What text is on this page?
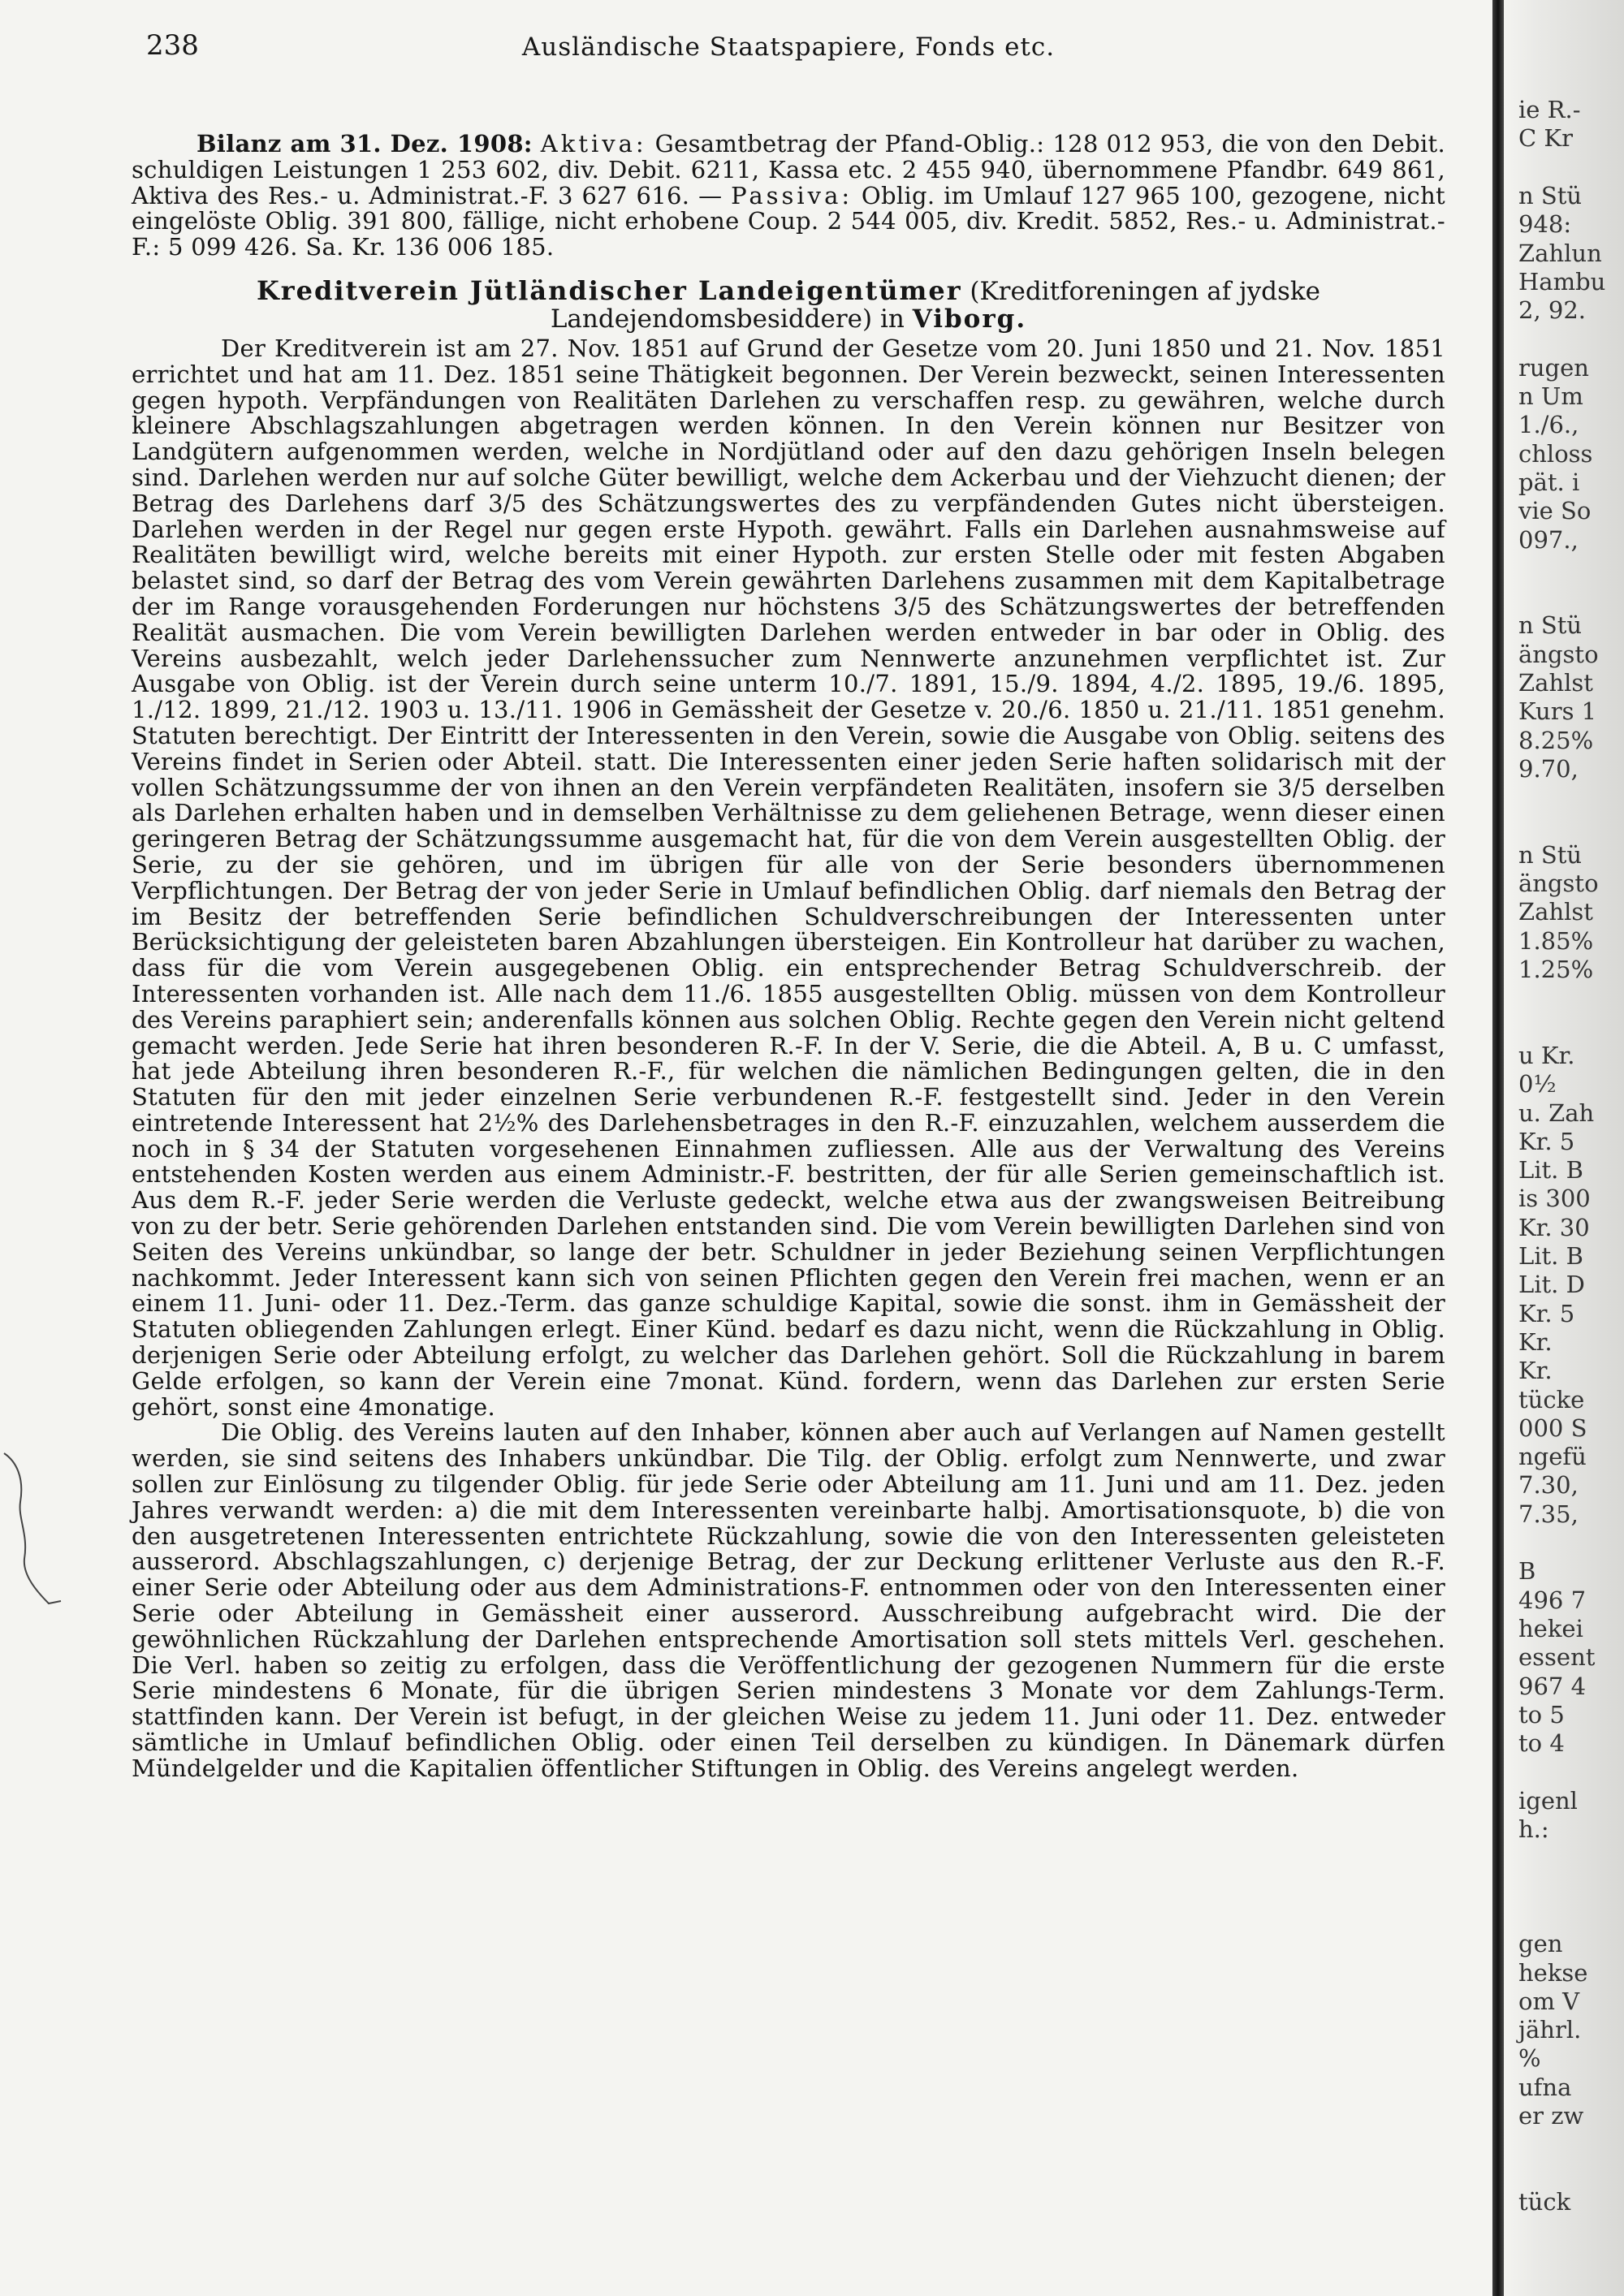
238	Ausländische Staatspapiere, Fonds etc.

Bilanz am 31. Dez. 1908: Aktiva: Gesamtbetrag der Pfand-Oblig.: 128 012 953, die von den Debit. schuldigen Leistungen 1 253 602, div. Debit. 6211, Kassa etc. 2 455 940, übernommene Pfandbr. 649 861, Aktiva des Res.- u. Administrat.-F. 3 627 616. — Passiva: Oblig. im Umlauf 127 965 100, gezogene, nicht eingelöste Oblig. 391 800, fällige, nicht erhobene Coup. 2 544 005, div. Kredit. 5852, Res.- u. Administrat.-F.: 5 099 426. Sa. Kr. 136 006 185.

Kreditverein Jütländischer Landeigentümer (Kreditforeningen af jydske Landejendomsbesiddere) in Viborg.

Der Kreditverein ist am 27. Nov. 1851 auf Grund der Gesetze vom 20. Juni 1850 und 21. Nov. 1851 errichtet und hat am 11. Dez. 1851 seine Thätigkeit begonnen. Der Verein bezweckt, seinen Interessenten gegen hypoth. Verpfändungen von Realitäten Darlehen zu verschaffen resp. zu gewähren, welche durch kleinere Abschlagszahlungen abgetragen werden können. In den Verein können nur Besitzer von Landgütern aufgenommen werden, welche in Nordjütland oder auf den dazu gehörigen Inseln belegen sind. Darlehen werden nur auf solche Güter bewilligt, welche dem Ackerbau und der Viehzucht dienen; der Betrag des Darlehens darf 3/5 des Schätzungswertes des zu verpfändenden Gutes nicht übersteigen. Darlehen werden in der Regel nur gegen erste Hypoth. gewährt. Falls ein Darlehen ausnahmsweise auf Realitäten bewilligt wird, welche bereits mit einer Hypoth. zur ersten Stelle oder mit festen Abgaben belastet sind, so darf der Betrag des vom Verein gewährten Darlehens zusammen mit dem Kapitalbetrage der im Range vorausgehenden Forderungen nur höchstens 3/5 des Schätzungswertes der betreffenden Realität ausmachen. Die vom Verein bewilligten Darlehen werden entweder in bar oder in Oblig. des Vereins ausbezahlt, welch jeder Darlehenssucher zum Nennwerte anzunehmen verpflichtet ist. Zur Ausgabe von Oblig. ist der Verein durch seine unterm 10./7. 1891, 15./9. 1894, 4./2. 1895, 19./6. 1895, 1./12. 1899, 21./12. 1903 u. 13./11. 1906 in Gemässheit der Gesetze v. 20./6. 1850 u. 21./11. 1851 genehm. Statuten berechtigt. Der Eintritt der Interessenten in den Verein, sowie die Ausgabe von Oblig. seitens des Vereins findet in Serien oder Abteil. statt. Die Interessenten einer jeden Serie haften solidarisch mit der vollen Schätzungssumme der von ihnen an den Verein verpfändeten Realitäten, insofern sie 3/5 derselben als Darlehen erhalten haben und in demselben Verhältnisse zu dem geliehenen Betrage, wenn dieser einen geringeren Betrag der Schätzungssumme ausgemacht hat, für die von dem Verein ausgestellten Oblig. der Serie, zu der sie gehören, und im übrigen für alle von der Serie besonders übernommenen Verpflichtungen. Der Betrag der von jeder Serie in Umlauf befindlichen Oblig. darf niemals den Betrag der im Besitz der betreffenden Serie befindlichen Schuldverschreibungen der Interessenten unter Berücksichtigung der geleisteten baren Abzahlungen übersteigen. Ein Kontrolleur hat darüber zu wachen, dass für die vom Verein ausgegebenen Oblig. ein entsprechender Betrag Schuldverschreib. der Interessenten vorhanden ist. Alle nach dem 11./6. 1855 ausgestellten Oblig. müssen von dem Kontrolleur des Vereins paraphiert sein; anderenfalls können aus solchen Oblig. Rechte gegen den Verein nicht geltend gemacht werden. Jede Serie hat ihren besonderen R.-F. In der V. Serie, die die Abteil. A, B u. C umfasst, hat jede Abteilung ihren besonderen R.-F., für welchen die nämlichen Bedingungen gelten, die in den Statuten für den mit jeder einzelnen Serie verbundenen R.-F. festgestellt sind. Jeder in den Verein eintretende Interessent hat 2½% des Darlehensbetrages in den R.-F. einzuzahlen, welchem ausserdem die noch in § 34 der Statuten vorgesehenen Einnahmen zufliessen. Alle aus der Verwaltung des Vereins entstehenden Kosten werden aus einem Administr.-F. bestritten, der für alle Serien gemeinschaftlich ist. Aus dem R.-F. jeder Serie werden die Verluste gedeckt, welche etwa aus der zwangsweisen Beitreibung von zu der betr. Serie gehörenden Darlehen entstanden sind. Die vom Verein bewilligten Darlehen sind von Seiten des Vereins unkündbar, so lange der betr. Schuldner in jeder Beziehung seinen Verpflichtungen nachkommt. Jeder Interessent kann sich von seinen Pflichten gegen den Verein frei machen, wenn er an einem 11. Juni- oder 11. Dez.-Term. das ganze schuldige Kapital, sowie die sonst. ihm in Gemässheit der Statuten obliegenden Zahlungen erlegt. Einer Künd. bedarf es dazu nicht, wenn die Rückzahlung in Oblig. derjenigen Serie oder Abteilung erfolgt, zu welcher das Darlehen gehört. Soll die Rückzahlung in barem Gelde erfolgen, so kann der Verein eine 7monat. Künd. fordern, wenn das Darlehen zur ersten Serie gehört, sonst eine 4monatige.

Die Oblig. des Vereins lauten auf den Inhaber, können aber auch auf Verlangen auf Namen gestellt werden, sie sind seitens des Inhabers unkündbar. Die Tilg. der Oblig. erfolgt zum Nennwerte, und zwar sollen zur Einlösung zu tilgender Oblig. für jede Serie oder Abteilung am 11. Juni und am 11. Dez. jeden Jahres verwandt werden: a) die mit dem Interessenten vereinbarte halbj. Amortisationsquote, b) die von den ausgetretenen Interessenten entrichtete Rückzahlung, sowie die von den Interessenten geleisteten ausserord. Abschlagszahlungen, c) derjenige Betrag, der zur Deckung erlittener Verluste aus den R.-F. einer Serie oder Abteilung oder aus dem Administrations-F. entnommen oder von den Interessenten einer Serie oder Abteilung in Gemässheit einer ausserord. Ausschreibung aufgebracht wird. Die der gewöhnlichen Rückzahlung der Darlehen entsprechende Amortisation soll stets mittels Verl. geschehen. Die Verl. haben so zeitig zu erfolgen, dass die Veröffentlichung der gezogenen Nummern für die erste Serie mindestens 6 Monate, für die übrigen Serien mindestens 3 Monate vor dem Zahlungs-Term. stattfinden kann. Der Verein ist befugt, in der gleichen Weise zu jedem 11. Juni oder 11. Dez. entweder sämtliche in Umlauf befindlichen Oblig. oder einen Teil derselben zu kündigen. In Dänemark dürfen Mündelgelder und die Kapitalien öffentlicher Stiftungen in Oblig. des Vereins angelegt werden.

ie R.-
C Kr
n Stü
948:
Zahlun
Hambu
2, 92.
rugen
n Um
1./6.,
chloss
pät. i
vie So
097.,
n Stü
ängsto
Zahlst
Kurs 1
8.25%
9.70,
n Stü
ängsto
Zahlst
1.85%
1.25%
u Kr.
0½
u. Zah
Kr. 5
Lit. B
is 300
Kr. 30
Lit. B
Lit. D
Kr. 5
Kr.
Kr.
tücke
000 S
ngefü
7.30,
7.35,
B
496 7
hekei
essent
967 4
to 5
to 4
igenl
h.:
gen
hekse
om V
jährl.
%
ufna
er zw
tück
